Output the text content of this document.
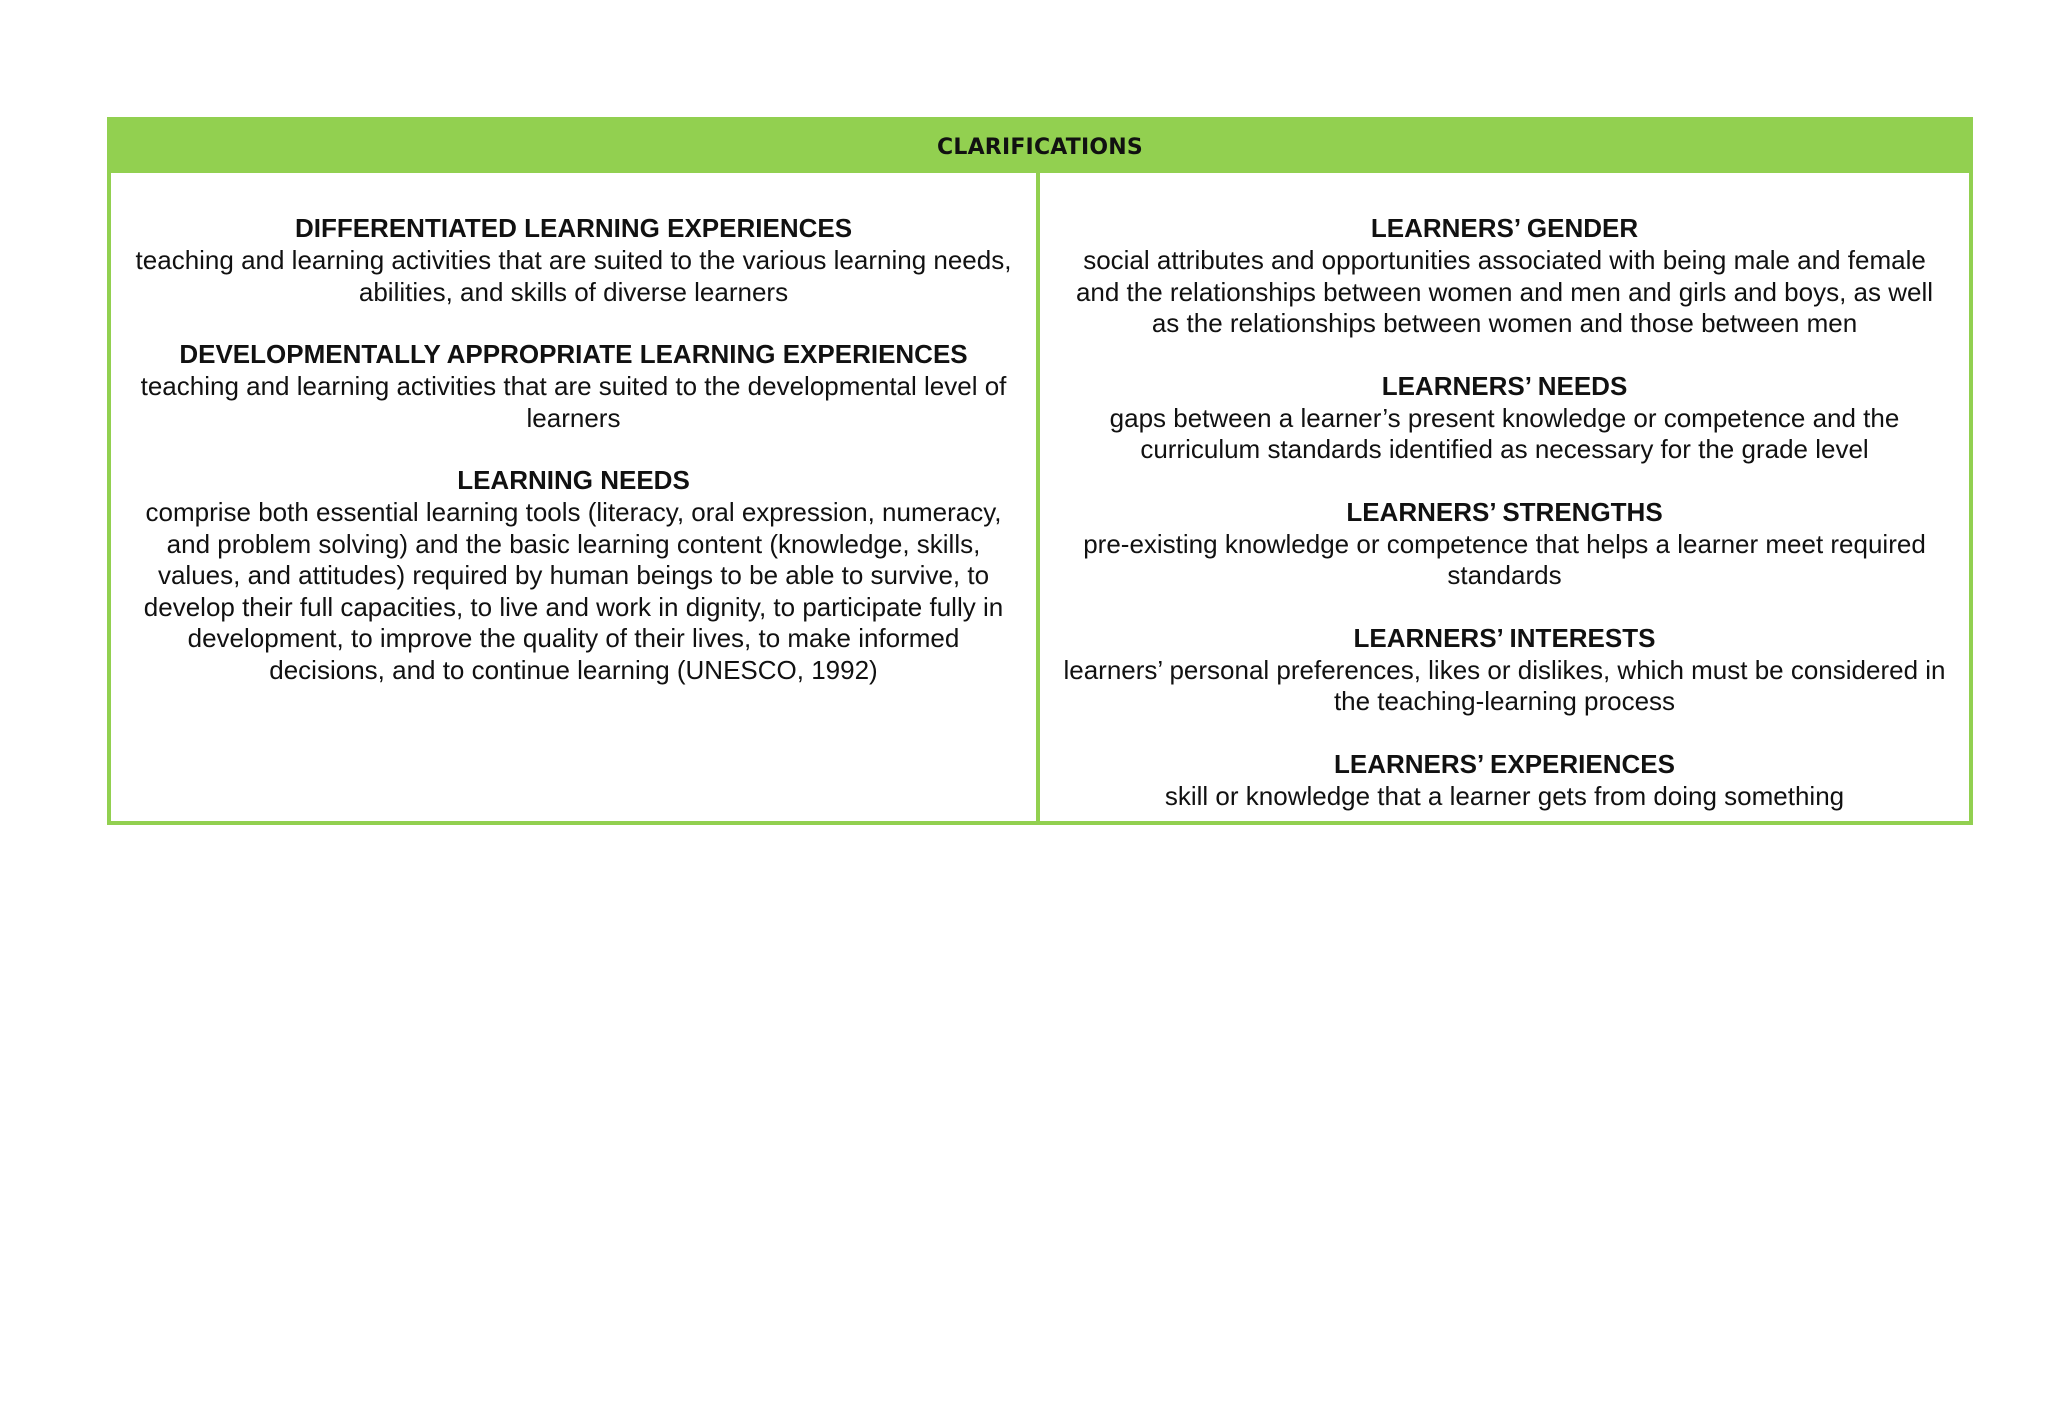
CLARIFICATIONS
DIFFERENTIATED LEARNING EXPERIENCES
teaching and learning activities that are suited to the various learning needs, abilities, and skills of diverse learners
DEVELOPMENTALLY APPROPRIATE LEARNING EXPERIENCES
teaching and learning activities that are suited to the developmental level of learners
LEARNING NEEDS
comprise both essential learning tools (literacy, oral expression, numeracy, and problem solving) and the basic learning content (knowledge, skills, values, and attitudes) required by human beings to be able to survive, to develop their full capacities, to live and work in dignity, to participate fully in development, to improve the quality of their lives, to make informed decisions, and to continue learning (UNESCO, 1992)
LEARNERS’ GENDER
social attributes and opportunities associated with being male and female and the relationships between women and men and girls and boys, as well as the relationships between women and those between men
LEARNERS’ NEEDS
gaps between a learner’s present knowledge or competence and the curriculum standards identified as necessary for the grade level
LEARNERS’ STRENGTHS
pre-existing knowledge or competence that helps a learner meet required standards
LEARNERS’ INTERESTS
learners’ personal preferences, likes or dislikes, which must be considered in the teaching-learning process
LEARNERS’ EXPERIENCES
skill or knowledge that a learner gets from doing something
